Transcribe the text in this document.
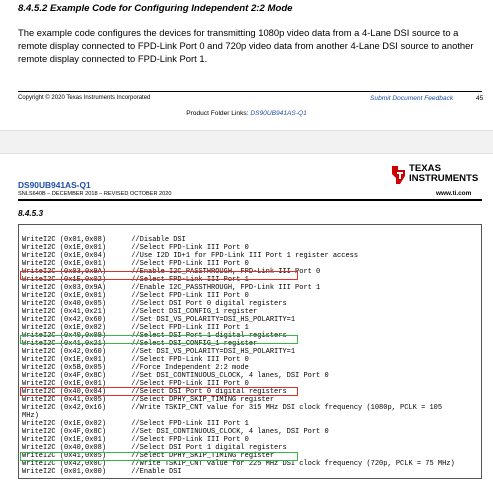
8.4.5.2 Example Code for Configuring Independent 2:2 Mode
The example code configures the devices for transmitting 1080p video data from a 4-Lane DSI source to a remote display connected to FPD-Link Port 0 and 720p video data from another 4-Lane DSI source to another remote display connected to FPD-Link Port 1.
Copyright © 2020 Texas Instruments Incorporated	Submit Document Feedback	45
Product Folder Links: DS90UB941AS-Q1
TEXAS
INSTRUMENTS
www.ti.com
DS90UB941AS-Q1
SNLS640B – DECEMBER 2018 – REVISED OCTOBER 2020
8.4.5.3
WriteI2C (0x01,0x08)      //Disable DSI
WriteI2C (0x1E,0x01)      //Select FPD-Link III Port 0
WriteI2C (0x1E,0x04)      //Use I2D ID+1 for FPD-Link III Port 1 register access
WriteI2C (0x1E,0x01)      //Select FPD-Link III Port 0
WriteI2C (0x03,0x9A)      //Enable I2C_PASSTHROUGH, FPD-Link III Port 0
WriteI2C (0x1E,0x02)      //Select FPD-Link III Port 1
WriteI2C (0x03,0x9A)      //Enable I2C_PASSTHROUGH, FPD-Link III Port 1
WriteI2C (0x1E,0x01)      //Select FPD-Link III Port 0
WriteI2C (0x40,0x05)      //Select DSI Port 0 digital registers
WriteI2C (0x41,0x21)      //Select DSI_CONFIG_1 register
WriteI2C (0x42,0x60)      //Set DSI_VS_POLARITY=DSI_HS_POLARITY=1
WriteI2C (0x1E,0x02)      //Select FPD-Link III Port 1
WriteI2C (0x40,0x09)      //Select DSI Port 1 digital registers
WriteI2C (0x41,0x21)      //Select DSI_CONFIG_1 register
WriteI2C (0x42,0x60)      //Set DSI_VS_POLARITY=DSI_HS_POLARITY=1
WriteI2C (0x1E,0x01)      //Select FPD-Link III Port 0
WriteI2C (0x5B,0x05)      //Force Independent 2:2 mode
WriteI2C (0x4F,0x8C)      //Set DSI_CONTINUOUS_CLOCK, 4 lanes, DSI Port 0
WriteI2C (0x1E,0x01)      //Select FPD-Link III Port 0
WriteI2C (0x40,0x04)      //Select DSI Port 0 digital registers
WriteI2C (0x41,0x05)      //Select DPHY_SKIP_TIMING register
WriteI2C (0x42,0x16)      //Write TSKIP_CNT value for 315 MHz DSI clock frequency (1080p, PCLK = 105
MHz)
WriteI2C (0x1E,0x02)      //Select FPD-Link III Port 1
WriteI2C (0x4F,0x8C)      //Set DSI_CONTINUOUS_CLOCK, 4 lanes, DSI Port 0
WriteI2C (0x1E,0x01)      //Select FPD-Link III Port 0
WriteI2C (0x40,0x08)      //Select DSI Port 1 digital registers
WriteI2C (0x41,0x05)      //Select DPHY_SKIP_TIMING register
WriteI2C (0x42,0x0C)      //Write TSKIP_CNT value for 225 MHz DSI clock frequency (720p, PCLK = 75 MHz)
WriteI2C (0x01,0x00)      //Enable DSI
